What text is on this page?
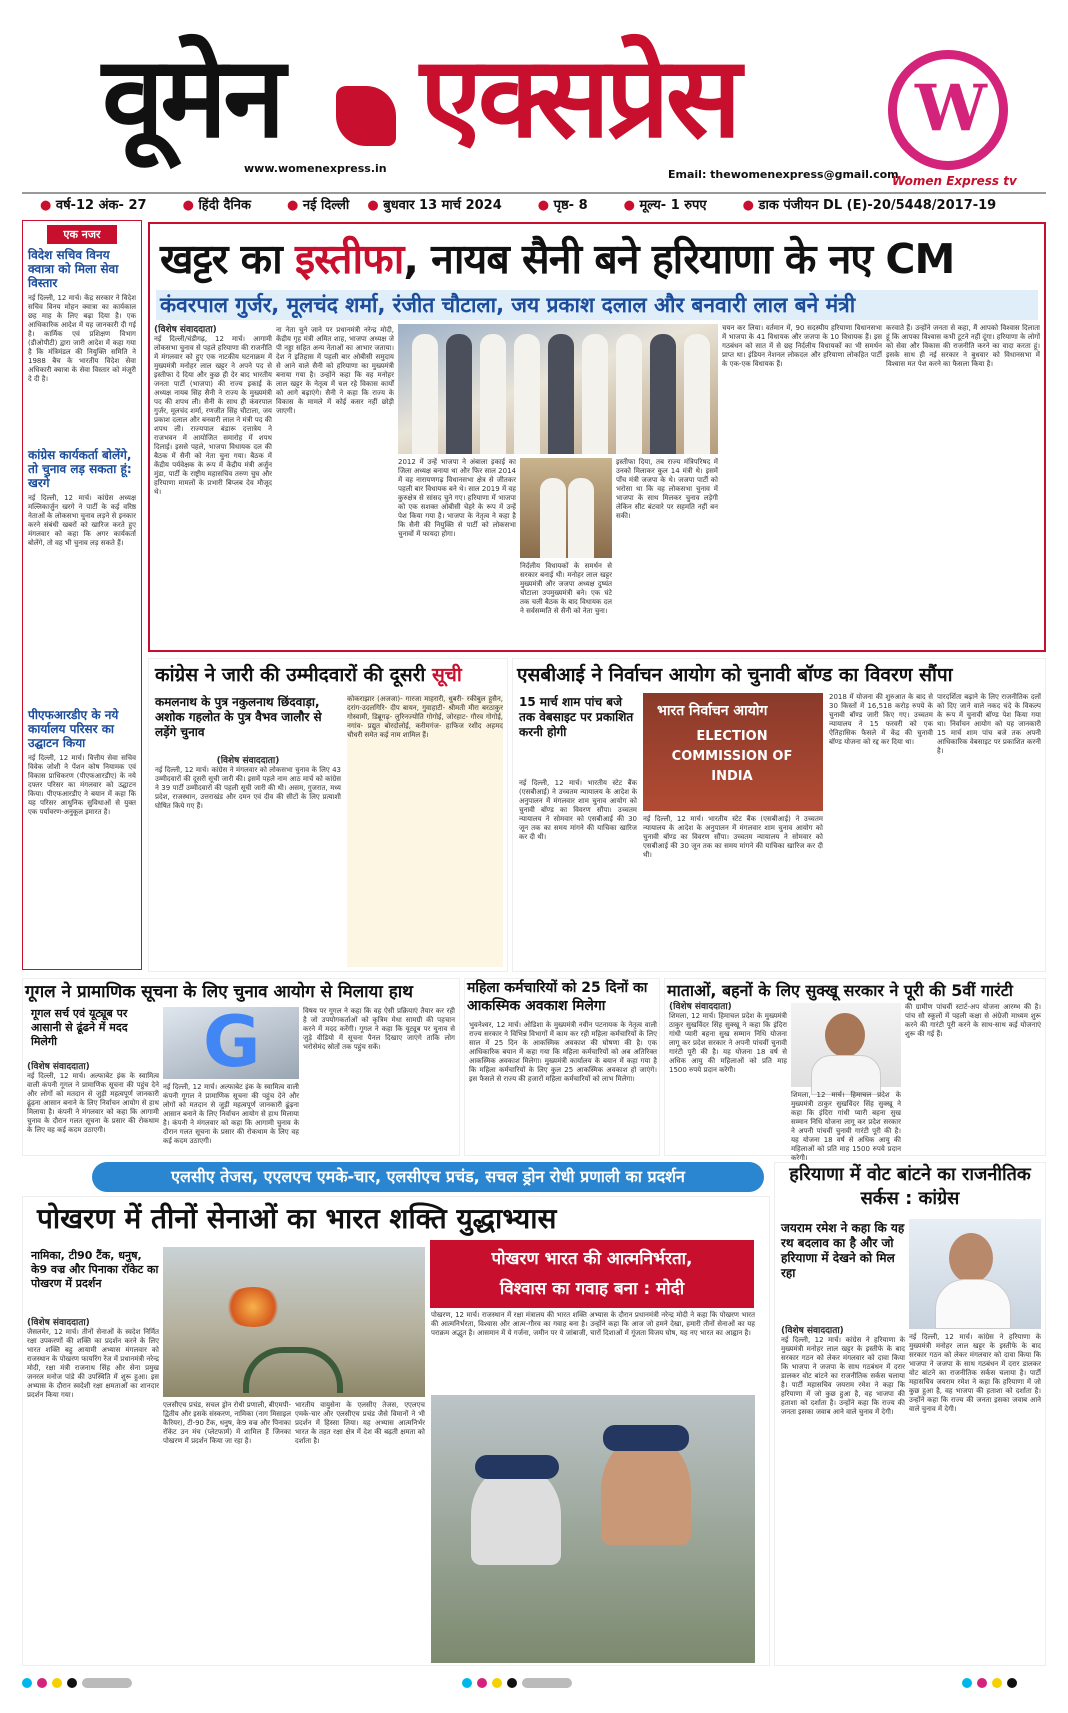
वूमेन एक्सप्रेस
www.womenexpress.in	Email: thewomenexpress@gmail.com
W
Women Express tv
● वर्ष-12 अंक- 27	● हिंदी दैनिक	● नई दिल्ली	● बुधवार 13 मार्च 2024	● पृष्ठ- 8	● मूल्य- 1 रुपए	● डाक पंजीयन DL (E)-20/5448/2017-19
एक नजर
विदेश सचिव विनय क्वात्रा को मिला सेवा विस्तार
नई दिल्ली, 12 मार्च। केंद्र सरकार ने विदेश सचिव विनय मोहन क्वात्रा का कार्यकाल छह माह के लिए बढ़ा दिया है। एक आधिकारिक आदेश में यह जानकारी दी गई है। कार्मिक एवं प्रशिक्षण विभाग (डीओपीटी) द्वारा जारी आदेश में कहा गया है कि मंत्रिमंडल की नियुक्ति समिति ने 1988 बैच के भारतीय विदेश सेवा अधिकारी क्वात्रा के सेवा विस्तार को मंजूरी दे दी है।
कांग्रेस कार्यकर्ता बोलेंगे, तो चुनाव लड़ सकता हूं: खरगे
नई दिल्ली, 12 मार्च। कांग्रेस अध्यक्ष मल्लिकार्जुन खरगे ने पार्टी के कई वरिष्ठ नेताओं के लोकसभा चुनाव लड़ने से इनकार करने संबंधी खबरों को खारिज करते हुए मंगलवार को कहा कि अगर कार्यकर्ता बोलेंगे, तो वह भी चुनाव लड़ सकते हैं।
पीएफआरडीए के नये कार्यालय परिसर का उद्घाटन किया
नई दिल्ली, 12 मार्च। वित्तीय सेवा सचिव विवेक जोशी ने पेंशन कोष नियामक एवं विकास प्राधिकरण (पीएफआरडीए) के नये दफ्तर परिसर का मंगलवार को उद्घाटन किया। पीएफआरडीए ने बयान में कहा कि यह परिसर आधुनिक सुविधाओं से युक्त एक पर्यावरण-अनुकूल इमारत है।
खट्टर का इस्तीफा, नायब सैनी बने हरियाणा के नए CM
कंवरपाल गुर्जर, मूलचंद शर्मा, रंजीत चौटाला, जय प्रकाश दलाल और बनवारी लाल बने मंत्री
(विशेष संवाददाता)
नई दिल्ली/चंडीगढ़, 12 मार्च। आगामी लोकसभा चुनाव से पहले हरियाणा की राजनीति में मंगलवार को हुए एक नाटकीय घटनाक्रम में मुख्यमंत्री मनोहर लाल खट्टर ने अपने पद से इस्तीफा दे दिया और कुछ ही देर बाद भारतीय जनता पार्टी (भाजपा) की राज्य इकाई के अध्यक्ष नायब सिंह सैनी ने राज्य के मुख्यमंत्री पद की शपथ ली। सैनी के साथ ही कंवरपाल गुर्जर, मूलचंद शर्मा, रणजीत सिंह चौटाला, जय प्रकाश दलाल और बनवारी लाल ने मंत्री पद की शपथ ली। राज्यपाल बंडारू दत्तात्रेय ने राजभवन में आयोजित समारोह में शपथ दिलाई। इससे पहले, भाजपा विधायक दल की बैठक में सैनी को नेता चुना गया। बैठक में केंद्रीय पर्यवेक्षक के रूप में केंद्रीय मंत्री अर्जुन मुंडा, पार्टी के राष्ट्रीय महासचिव तरुण चुघ और हरियाणा मामलों के प्रभारी बिप्लब देव मौजूद थे।
ना नेता चुने जाने पर प्रधानमंत्री नरेन्द्र मोदी, केंद्रीय गृह मंत्री अमित शाह, भाजपा अध्यक्ष जे पी नड्डा सहित अन्य नेताओं का आभार जताया। देश ने इतिहास में पहली बार ओबीसी समुदाय से आने वाले सैनी को हरियाणा का मुख्यमंत्री बनाया गया है। उन्होंने कहा कि वह मनोहर लाल खट्टर के नेतृत्व में चल रहे विकास कार्यों को आगे बढ़ाएंगे। सैनी ने कहा कि राज्य के विकास के मामले में कोई कसर नहीं छोड़ी जाएगी।
2012 में उन्हें भाजपा ने अंबाला इकाई का जिला अध्यक्ष बनाया था और फिर साल 2014 में वह नारायणगढ़ विधानसभा क्षेत्र से जीतकर पहली बार विधायक बने थे। साल 2019 में वह कुरुक्षेत्र से सांसद चुने गए। हरियाणा में भाजपा को एक सशक्त ओबीसी चेहरे के रूप में उन्हें पेश किया गया है। भाजपा के नेतृत्व ने कहा है कि सैनी की नियुक्ति से पार्टी को लोकसभा चुनावों में फायदा होगा।
निर्दलीय विधायकों के समर्थन से सरकार बनाई थी। मनोहर लाल खट्टर मुख्यमंत्री और जजपा अध्यक्ष दुष्यंत चौटाला उपमुख्यमंत्री बने। एक घंटे तक चली बैठक के बाद विधायक दल ने सर्वसम्मति से सैनी को नेता चुना।
इस्तीफा दिया, तब राज्य मंत्रिपरिषद में उनको मिलाकर कुल 14 मंत्री थे। इसमें पाँच मंत्री जजपा के थे। जजपा पार्टी को भरोसा था कि वह लोकसभा चुनाव में भाजपा के साथ मिलकर चुनाव लड़ेगी लेकिन सीट बंटवारे पर सहमति नहीं बन सकी।
चयन कर लिया। वर्तमान में, 90 सदस्यीय हरियाणा विधानसभा में भाजपा के 41 विधायक और जजपा के 10 विधायक हैं। इस गठबंधन को सात में से छह निर्दलीय विधायकों का भी समर्थन प्राप्त था। इंडियन नेशनल लोकदल और हरियाणा लोकहित पार्टी के एक-एक विधायक हैं।
करवाते हैं। उन्होंने जनता से कहा, मैं आपको विश्वास दिलाता हूं कि आपका विश्वास कभी टूटने नहीं दूंगा। हरियाणा के लोगों को सेवा और विकास की राजनीति करने का वादा करता हूं। इसके साथ ही नई सरकार ने बुधवार को विधानसभा में विश्वास मत पेश करने का फैसला किया है।
कांग्रेस ने जारी की उम्मीदवारों की दूसरी सूची
कमलनाथ के पुत्र नकुलनाथ छिंदवाड़ा, अशोक गहलोत के पुत्र वैभव जालौर से लड़ेंगे चुनाव
(विशेष संवाददाता)
नई दिल्ली, 12 मार्च। कांग्रेस ने मंगलवार को लोकसभा चुनाव के लिए 43 उम्मीदवारों की दूसरी सूची जारी की। इसमें पहले नाम आठ मार्च को कांग्रेस ने 39 पार्टी उम्मीदवारों की पहली सूची जारी की थी। असम, गुजरात, मध्य प्रदेश, राजस्थान, उत्तराखंड और दमन एवं दीव की सीटों के लिए प्रत्याशी घोषित किये गए हैं।
कोकराझार (अजजा)- गारजा माहरारी, धुबरी- रकीबुल हुसैन, दरांग-उदलगिरि- दीप बायन, गुवाहाटी- श्रीमती मीरा बरठाकुर गोस्वामी, डिब्रूगढ़- लुरिनज्योति गोगोई, जोरहाट- गौरव गोगोई, नगांव- प्रद्युत बोरदोलोई, करीमगंज- हाफिज रशीद अहमद चौधरी समेत कई नाम शामिल हैं।
एसबीआई ने निर्वाचन आयोग को चुनावी बॉण्ड का विवरण सौंपा
15 मार्च शाम पांच बजे तक वेबसाइट पर प्रकाशित करनी होगी
भारत निर्वाचन आयोग
ELECTION COMMISSION OF INDIA
नई दिल्ली, 12 मार्च। भारतीय स्टेट बैंक (एसबीआई) ने उच्चतम न्यायालय के आदेश के अनुपालन में मंगलवार शाम चुनाव आयोग को चुनावी बॉण्ड का विवरण सौंपा। उच्चतम न्यायालय ने सोमवार को एसबीआई की 30 जून तक का समय मांगने की याचिका खारिज कर दी थी।
नई दिल्ली, 12 मार्च। भारतीय स्टेट बैंक (एसबीआई) ने उच्चतम न्यायालय के आदेश के अनुपालन में मंगलवार शाम चुनाव आयोग को चुनावी बॉण्ड का विवरण सौंपा। उच्चतम न्यायालय ने सोमवार को एसबीआई की 30 जून तक का समय मांगने की याचिका खारिज कर दी थी।
2018 में योजना की शुरुआत के बाद से 30 किस्तों में 16,518 करोड़ रुपये के चुनावी बॉण्ड जारी किए गए। उच्चतम न्यायालय ने 15 फरवरी को एक ऐतिहासिक फैसले में केंद्र की चुनावी बॉण्ड योजना को रद्द कर दिया था।
पारदर्शिता बढ़ाने के लिए राजनीतिक दलों को दिए जाने वाले नकद चंदे के विकल्प के रूप में चुनावी बॉण्ड पेश किया गया था। निर्वाचन आयोग को यह जानकारी 15 मार्च शाम पांच बजे तक अपनी आधिकारिक वेबसाइट पर प्रकाशित करनी है।
गूगल ने प्रामाणिक सूचना के लिए चुनाव आयोग से मिलाया हाथ
गूगल सर्च एवं यूट्यूब पर आसानी से ढूंढने में मदद मिलेगी	G
(विशेष संवाददाता)
नई दिल्ली, 12 मार्च। अल्फाबेट इंक के स्वामित्व वाली कंपनी गूगल ने प्रामाणिक सूचना की पहुंच देने और लोगों को मतदान से जुड़ी महत्वपूर्ण जानकारी ढूंढ़ना आसान बनाने के लिए निर्वाचन आयोग से हाथ मिलाया है। कंपनी ने मंगलवार को कहा कि आगामी चुनाव के दौरान गलत सूचना के प्रसार की रोकथाम के लिए वह कई कदम उठाएगी।
नई दिल्ली, 12 मार्च। अल्फाबेट इंक के स्वामित्व वाली कंपनी गूगल ने प्रामाणिक सूचना की पहुंच देने और लोगों को मतदान से जुड़ी महत्वपूर्ण जानकारी ढूंढ़ना आसान बनाने के लिए निर्वाचन आयोग से हाथ मिलाया है। कंपनी ने मंगलवार को कहा कि आगामी चुनाव के दौरान गलत सूचना के प्रसार की रोकथाम के लिए वह कई कदम उठाएगी।
विषय पर गूगल ने कहा कि वह ऐसी प्रक्रियाएं तैयार कर रही है जो उपयोगकर्ताओं को कृत्रिम मेधा सामग्री की पहचान करने में मदद करेंगी। गूगल ने कहा कि यूट्यूब पर चुनाव से जुड़े वीडियो में सूचना पैनल दिखाए जाएंगे ताकि लोग भरोसेमंद स्रोतों तक पहुंच सकें।
महिला कर्मचारियों को 25 दिनों का आकस्मिक अवकाश मिलेगा
भुवनेश्वर, 12 मार्च। ओडिशा के मुख्यमंत्री नवीन पटनायक के नेतृत्व वाली राज्य सरकार ने विभिन्न विभागों में काम कर रही महिला कर्मचारियों के लिए साल में 25 दिन के आकस्मिक अवकाश की घोषणा की है। एक आधिकारिक बयान में कहा गया कि महिला कर्मचारियों को अब अतिरिक्त आकस्मिक अवकाश मिलेगा। मुख्यमंत्री कार्यालय के बयान में कहा गया है कि महिला कर्मचारियों के लिए कुल 25 आकस्मिक अवकाश हो जाएंगे। इस फैसले से राज्य की हजारों महिला कर्मचारियों को लाभ मिलेगा।
माताओं, बहनों के लिए सुक्खू सरकार ने पूरी की 5वीं गारंटी
(विशेष संवाददाता)
शिमला, 12 मार्च। हिमाचल प्रदेश के मुख्यमंत्री ठाकुर सुखविंदर सिंह सुक्खू ने कहा कि इंदिरा गांधी प्यारी बहना सुख सम्मान निधि योजना लागू कर प्रदेश सरकार ने अपनी पांचवीं चुनावी गारंटी पूरी की है। यह योजना 18 वर्ष से अधिक आयु की महिलाओं को प्रति माह 1500 रुपये प्रदान करेगी।
शिमला, 12 मार्च। हिमाचल प्रदेश के मुख्यमंत्री ठाकुर सुखविंदर सिंह सुक्खू ने कहा कि इंदिरा गांधी प्यारी बहना सुख सम्मान निधि योजना लागू कर प्रदेश सरकार ने अपनी पांचवीं चुनावी गारंटी पूरी की है। यह योजना 18 वर्ष से अधिक आयु की महिलाओं को प्रति माह 1500 रुपये प्रदान करेगी।
की ग्रामीण पांचवीं स्टार्ट-अप योजना आरम्भ की है। पांच सौ स्कूलों में पहली कक्षा से अंग्रेजी माध्यम शुरू करने की गारंटी पूरी करने के साथ-साथ कई योजनाएं शुरू की गई हैं।
एलसीए तेजस, एएलएच एमके-चार, एलसीएच प्रचंड, सचल ड्रोन रोधी प्रणाली का प्रदर्शन
पोखरण में तीनों सेनाओं का भारत शक्ति युद्धाभ्यास
नामिका, टी90 टैंक, धनुष, के9 वज्र और पिनाका रॉकेट का पोखरण में प्रदर्शन
(विशेष संवाददाता)
जैसलमेर, 12 मार्च। तीनों सेनाओं के स्वदेश निर्मित रक्षा उपकरणों की शक्ति का प्रदर्शन करने के लिए भारत शक्ति बहु आयामी अभ्यास मंगलवार को राजस्थान के पोखरण फायरिंग रेंज में प्रधानमंत्री नरेन्द्र मोदी, रक्षा मंत्री राजनाथ सिंह और सेना प्रमुख जनरल मनोज पांडे की उपस्थिति में शुरू हुआ। इस अभ्यास के दौरान स्वदेशी रक्षा क्षमताओं का शानदार प्रदर्शन किया गया।
एलसीएच प्रचंड, सचल ड्रोन रोधी प्रणाली, बीएमपी-द्वितीय और इसके संस्करण, नामिका (नाग मिसाइल कैरियर), टी-90 टैंक, धनुष, के9 वज्र और पिनाका रॉकेट उन मंच (प्लेटफार्म) में शामिल हैं जिनका पोखरण में प्रदर्शन किया जा रहा है।
भारतीय वायुसेना के एलसीए तेजस, एएलएच एमके-चार और एलसीएच प्रचंड जैसे विमानों ने भी प्रदर्शन में हिस्सा लिया। यह अभ्यास आत्मनिर्भर भारत के तहत रक्षा क्षेत्र में देश की बढ़ती क्षमता को दर्शाता है।
पोखरण, 12 मार्च। राजस्थान में रक्षा मंत्रालय की भारत शक्ति अभ्यास के दौरान प्रधानमंत्री नरेन्द्र मोदी ने कहा कि पोखरण भारत की आत्मनिर्भरता, विश्वास और आत्म-गौरव का गवाह बना है। उन्होंने कहा कि आज जो हमने देखा, हमारी तीनों सेनाओं का यह पराक्रम अद्भुत है। आसमान में ये गर्जना, जमीन पर ये जांबाजी, चारों दिशाओं में गूंजता विजय घोष, यह नए भारत का आह्वान है।
पोखरण भारत की आत्मनिर्भरता,
विश्वास का गवाह बना : मोदी
हरियाणा में वोट बांटने का राजनीतिक सर्कस : कांग्रेस
जयराम रमेश ने कहा कि यह रथ बदलाव का है और जो हरियाणा में देखने को मिल रहा
(विशेष संवाददाता)
नई दिल्ली, 12 मार्च। कांग्रेस ने हरियाणा के मुख्यमंत्री मनोहर लाल खट्टर के इस्तीफे के बाद सरकार गठन को लेकर मंगलवार को दावा किया कि भाजपा ने जजपा के साथ गठबंधन में दरार डालकर वोट बांटने का राजनीतिक सर्कस चलाया है। पार्टी महासचिव जयराम रमेश ने कहा कि हरियाणा में जो कुछ हुआ है, वह भाजपा की हताशा को दर्शाता है। उन्होंने कहा कि राज्य की जनता इसका जवाब आने वाले चुनाव में देगी।
नई दिल्ली, 12 मार्च। कांग्रेस ने हरियाणा के मुख्यमंत्री मनोहर लाल खट्टर के इस्तीफे के बाद सरकार गठन को लेकर मंगलवार को दावा किया कि भाजपा ने जजपा के साथ गठबंधन में दरार डालकर वोट बांटने का राजनीतिक सर्कस चलाया है। पार्टी महासचिव जयराम रमेश ने कहा कि हरियाणा में जो कुछ हुआ है, वह भाजपा की हताशा को दर्शाता है। उन्होंने कहा कि राज्य की जनता इसका जवाब आने वाले चुनाव में देगी।
